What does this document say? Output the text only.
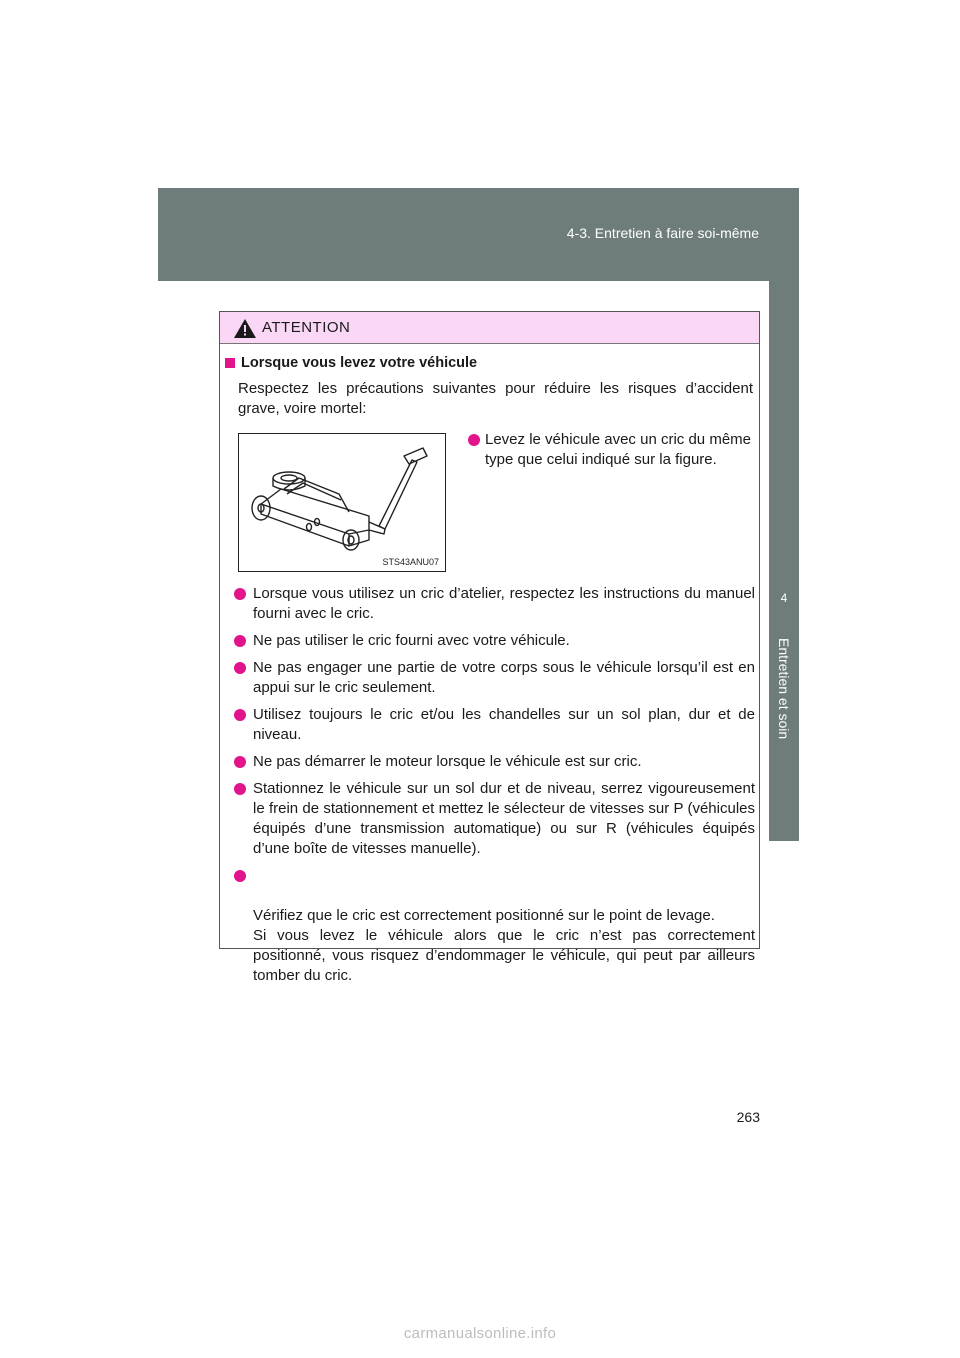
4-3. Entretien à faire soi-même
4
Entretien et soin
ATTENTION
Lorsque vous levez votre véhicule
Respectez les précautions suivantes pour réduire les risques d’accident grave, voire mortel:
STS43ANU07
Levez le véhicule avec un cric du même type que celui indiqué sur la figure.
Lorsque vous utilisez un cric d’atelier, respectez les instructions du manuel fourni avec le cric.
Ne pas utiliser le cric fourni avec votre véhicule.
Ne pas engager une partie de votre corps sous le véhicule lorsqu’il est en appui sur le cric seulement.
Utilisez toujours le cric et/ou les chandelles sur un sol plan, dur et de niveau.
Ne pas démarrer le moteur lorsque le véhicule est sur cric.
Stationnez le véhicule sur un sol dur et de niveau, serrez vigoureusement le frein de stationnement et mettez le sélecteur de vitesses sur P (véhicules équipés d’une transmission automatique) ou sur R (véhicules équipés d’une boîte de vitesses manuelle).

Vérifiez que le cric est correctement positionné sur le point de levage.
Si vous levez le véhicule alors que le cric n’est pas correctement positionné, vous risquez d’endommager le véhicule, qui peut par ailleurs tomber du cric.

263
carmanualsonline.info
